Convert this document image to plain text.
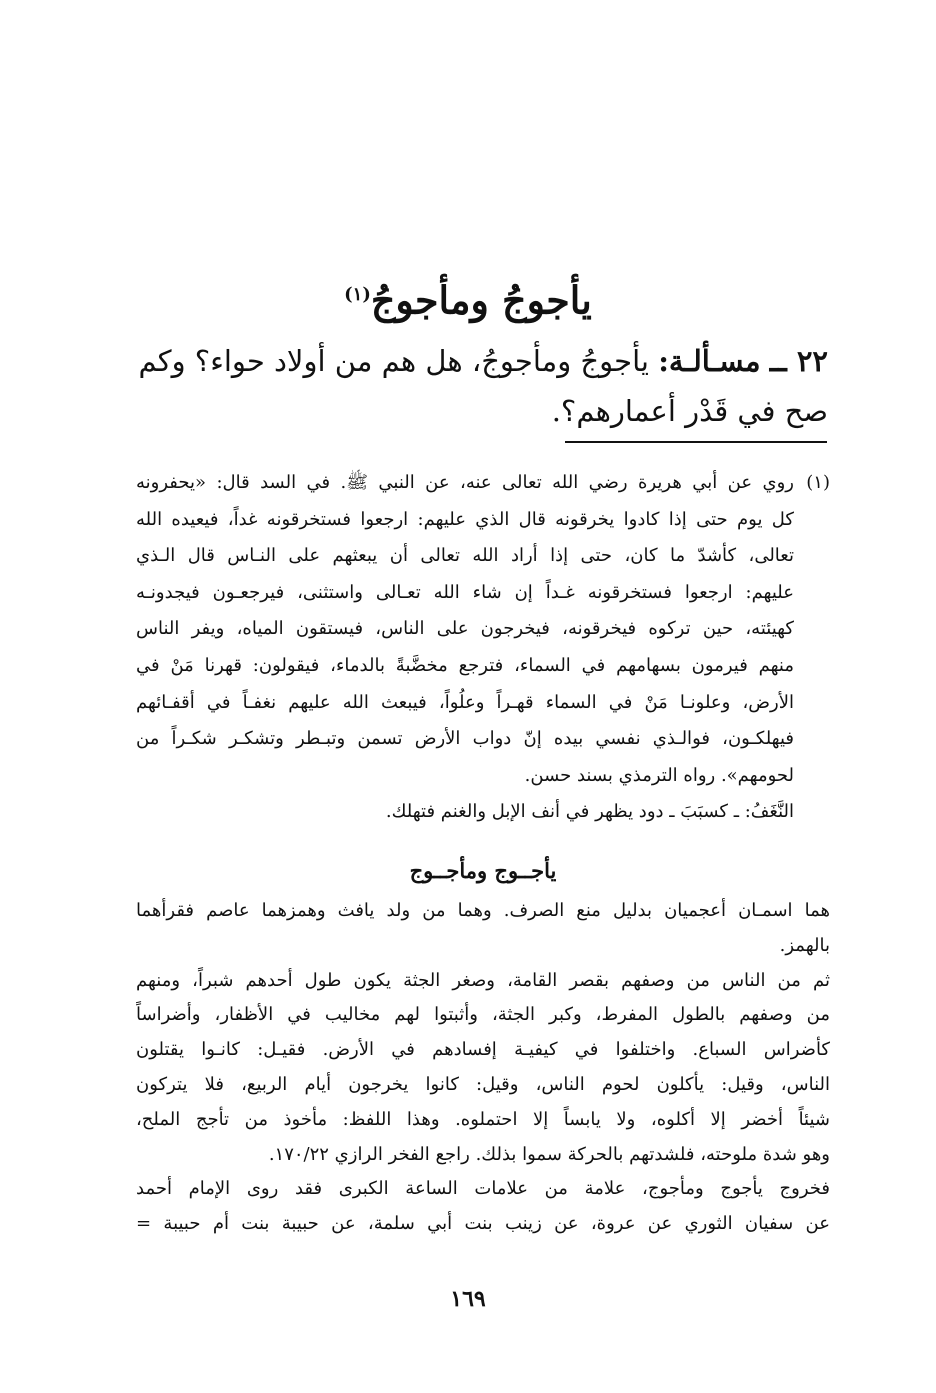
يأجوجُ ومأجوجُ$^{(١)}$
٢٢ ــ مسـألـة: يأجوجُ ومأجوجُ، هل هم من أولاد حواء؟ وكم
صح في قَدْر أعمارهم؟.
روي عن أبي هريرة رضي الله تعالى عنه، عن النبي ﷺ. في السد قال: «يحفرونه (١)
كل يوم حتى إذا كادوا يخرقونه قال الذي عليهم: ارجعوا فستخرقونه غداً، فيعيده الله
تعالى، كأشدّ ما كان، حتى إذا أراد الله تعالى أن يبعثهم على النـاس قال الـذي
عليهم: ارجعوا فستخرقونه غـداً إن شاء الله تعـالى واستثنى، فيرجعـون فيجدونـه
كهيئته، حين تركوه فيخرقونه، فيخرجون على الناس، فيستقون المياه، ويفر الناس
منهم فيرمون بسهامهم في السماء، فترجع مخضَّبةً بالدماء، فيقولون: قهرنا مَنْ في
الأرض، وعلونـا مَنْ في السماء قهـراً وعلُواً، فيبعث الله عليهم نغفـاً في أقفـائهم
فيهلكـون، فوالـذي نفسي بيده إنّ دواب الأرض تسمن وتبـطر وتشكـر شكـراً من
لحومهم». رواه الترمذي بسند حسن.
النَّغَفُ: ـ كسبَبَ ـ دود يظهر في أنف الإبل والغنم فتهلك.
يأجــوج ومأجــوج
هما اسمـان أعجميان بدليل منع الصرف. وهما من ولد يافث وهمزهما عاصم فقرأهما
بالهمز.
ثم من الناس من وصفهم بقصر القامة، وصغر الجثة يكون طول أحدهم شبراً، ومنهم
من وصفهم بالطول المفرط، وكبر الجثة، وأثبتوا لهم مخاليب في الأظفار، وأضراساً
كأضراس السباع. واختلفوا في كيفيـة إفسادهم في الأرض. فقيـل: كانـوا يقتلون
الناس، وقيل: يأكلون لحوم الناس، وقيل: كانوا يخرجون أيام الربيع، فلا يتركون
شيئاً أخضر إلا أكلوه، ولا يابساً إلا احتملوه. وهذا اللفظ: مأخوذ من تأجج الملح،
وهو شدة ملوحته، فلشدتهم بالحركة سموا بذلك. راجع الفخر الرازي ١٧٠/٢٢.
فخروج يأجوج ومأجوج، علامة من علامات الساعة الكبرى فقد روى الإمام أحمد
عن سفيان الثوري عن عروة، عن زينب بنت أبي سلمة، عن حبيبة بنت أم حبيبة =
١٦٩
